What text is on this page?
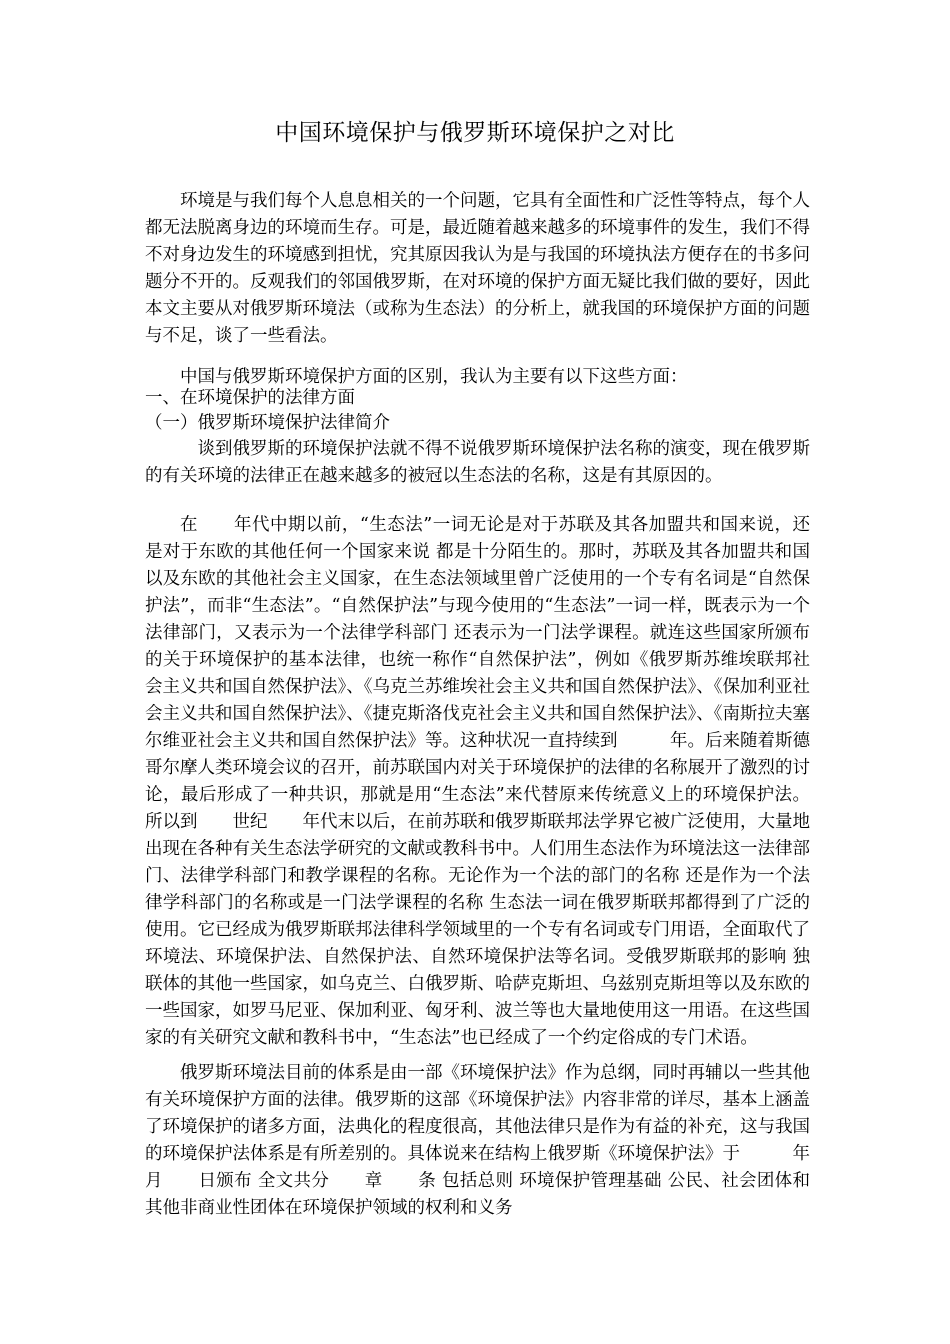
中国环境保护与俄罗斯环境保护之对比
环境是与我们每个人息息相关的一个问题，它具有全面性和广泛性等特点，每个人都无法脱离身边的环境而生存。可是，最近随着越来越多的环境事件的发生，我们不得不对身边发生的环境感到担忧，究其原因我认为是与我国的环境执法方便存在的书多问题分不开的。反观我们的邻国俄罗斯，在对环境的保护方面无疑比我们做的要好，因此本文主要从对俄罗斯环境法（或称为生态法）的分析上，就我国的环境保护方面的问题与不足，谈了一些看法。
中国与俄罗斯环境保护方面的区别，我认为主要有以下这些方面：
一、在环境保护的法律方面
（一）俄罗斯环境保护法律简介
谈到俄罗斯的环境保护法就不得不说俄罗斯环境保护法名称的演变，现在俄罗斯的有关环境的法律正在越来越多的被冠以生态法的名称，这是有其原因的。
在　　年代中期以前，“生态法”一词无论是对于苏联及其各加盟共和国来说，还是对于东欧的其他任何一个国家来说 都是十分陌生的。那时，苏联及其各加盟共和国以及东欧的其他社会主义国家，在生态法领域里曾广泛使用的一个专有名词是“自然保护法”，而非“生态法”。“自然保护法”与现今使用的“生态法”一词一样，既表示为一个法律部门，又表示为一个法律学科部门 还表示为一门法学课程。就连这些国家所颁布的关于环境保护的基本法律，也统一称作“自然保护法”，例如《俄罗斯苏维埃联邦社会主义共和国自然保护法》、《乌克兰苏维埃社会主义共和国自然保护法》、《保加利亚社会主义共和国自然保护法》、《捷克斯洛伐克社会主义共和国自然保护法》、《南斯拉夫塞尔维亚社会主义共和国自然保护法》等。这种状况一直持续到　　　年。后来随着斯德哥尔摩人类环境会议的召开，前苏联国内对关于环境保护的法律的名称展开了激烈的讨论，最后形成了一种共识，那就是用“生态法”来代替原来传统意义上的环境保护法。所以到　　世纪　　年代末以后，在前苏联和俄罗斯联邦法学界它被广泛使用，大量地出现在各种有关生态法学研究的文献或教科书中。人们用生态法作为环境法这一法律部门、法律学科部门和教学课程的名称。无论作为一个法的部门的名称 还是作为一个法律学科部门的名称或是一门法学课程的名称 生态法一词在俄罗斯联邦都得到了广泛的使用。它已经成为俄罗斯联邦法律科学领域里的一个专有名词或专门用语，全面取代了环境法、环境保护法、自然保护法、自然环境保护法等名词。受俄罗斯联邦的影响 独联体的其他一些国家，如乌克兰、白俄罗斯、哈萨克斯坦、乌兹别克斯坦等以及东欧的一些国家，如罗马尼亚、保加利亚、匈牙利、波兰等也大量地使用这一用语。在这些国家的有关研究文献和教科书中，“生态法”也已经成了一个约定俗成的专门术语。
俄罗斯环境法目前的体系是由一部《环境保护法》作为总纲，同时再辅以一些其他有关环境保护方面的法律。俄罗斯的这部《环境保护法》内容非常的详尽，基本上涵盖了环境保护的诸多方面，法典化的程度很高，其他法律只是作为有益的补充，这与我国的环境保护法体系是有所差别的。具体说来在结构上俄罗斯《环境保护法》于　　　年　月　　日颁布 全文共分　　章　　条 包括总则 环境保护管理基础 公民、社会团体和其他非商业性团体在环境保护领域的权利和义务
